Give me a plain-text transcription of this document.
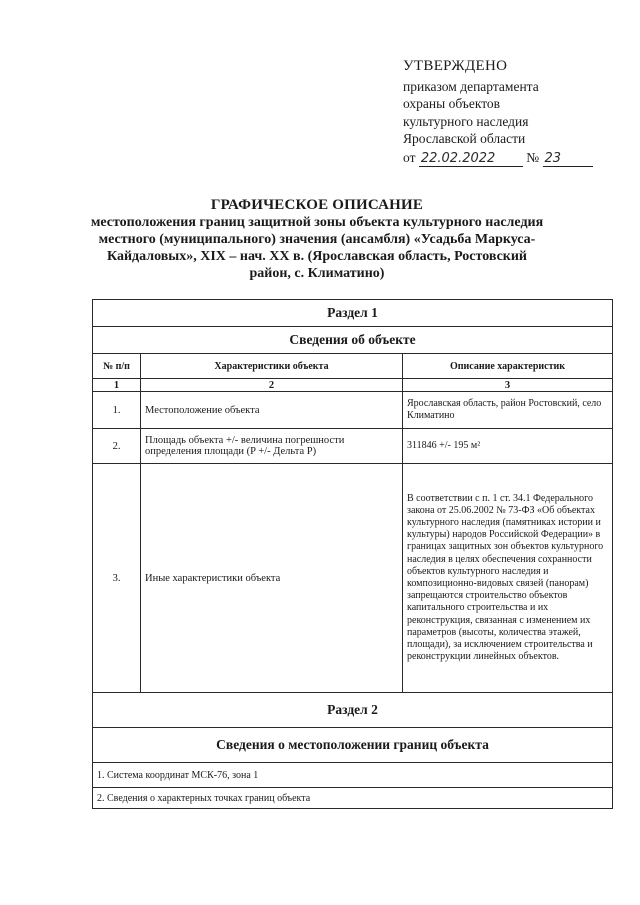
УТВЕРЖДЕНО
приказом департамента
охраны объектов
культурного наследия
Ярославской области
от 22.02.2022 № 23
ГРАФИЧЕСКОЕ ОПИСАНИЕ
местоположения границ защитной зоны объекта культурного наследия
местного (муниципального) значения (ансамбля) «Усадьба Маркуса-
Кайдаловых», XIX – нач. XX в. (Ярославская область, Ростовский
район, с. Климатино)
Раздел 1		
Сведения об объекте		
№ п/п	Характеристики объекта	Описание характеристик
1	2	3
1.	Местоположение объекта	Ярославская область, район Ростовский, село Климатино
2.	Площадь объекта +/- величина погрешности определения площади (P +/- Дельта P)	311846 +/- 195 м²
3.	Иные характеристики объекта	В соответствии с п. 1 ст. 34.1 Федерального закона от 25.06.2002 № 73-ФЗ «Об объектах культурного наследия (памятниках истории и культуры) народов Российской Федерации» в границах защитных зон объектов культурного наследия в целях обеспечения сохранности объектов культурного наследия и композиционно-видовых связей (панорам) запрещаются строительство объектов капитального строительства и их реконструкция, связанная с изменением их параметров (высоты, количества этажей, площади), за исключением строительства и реконструкции линейных объектов.
Раздел 2		
Сведения о местоположении границ объекта		
1. Система координат МСК-76, зона 1		
2. Сведения о характерных точках границ объекта		
